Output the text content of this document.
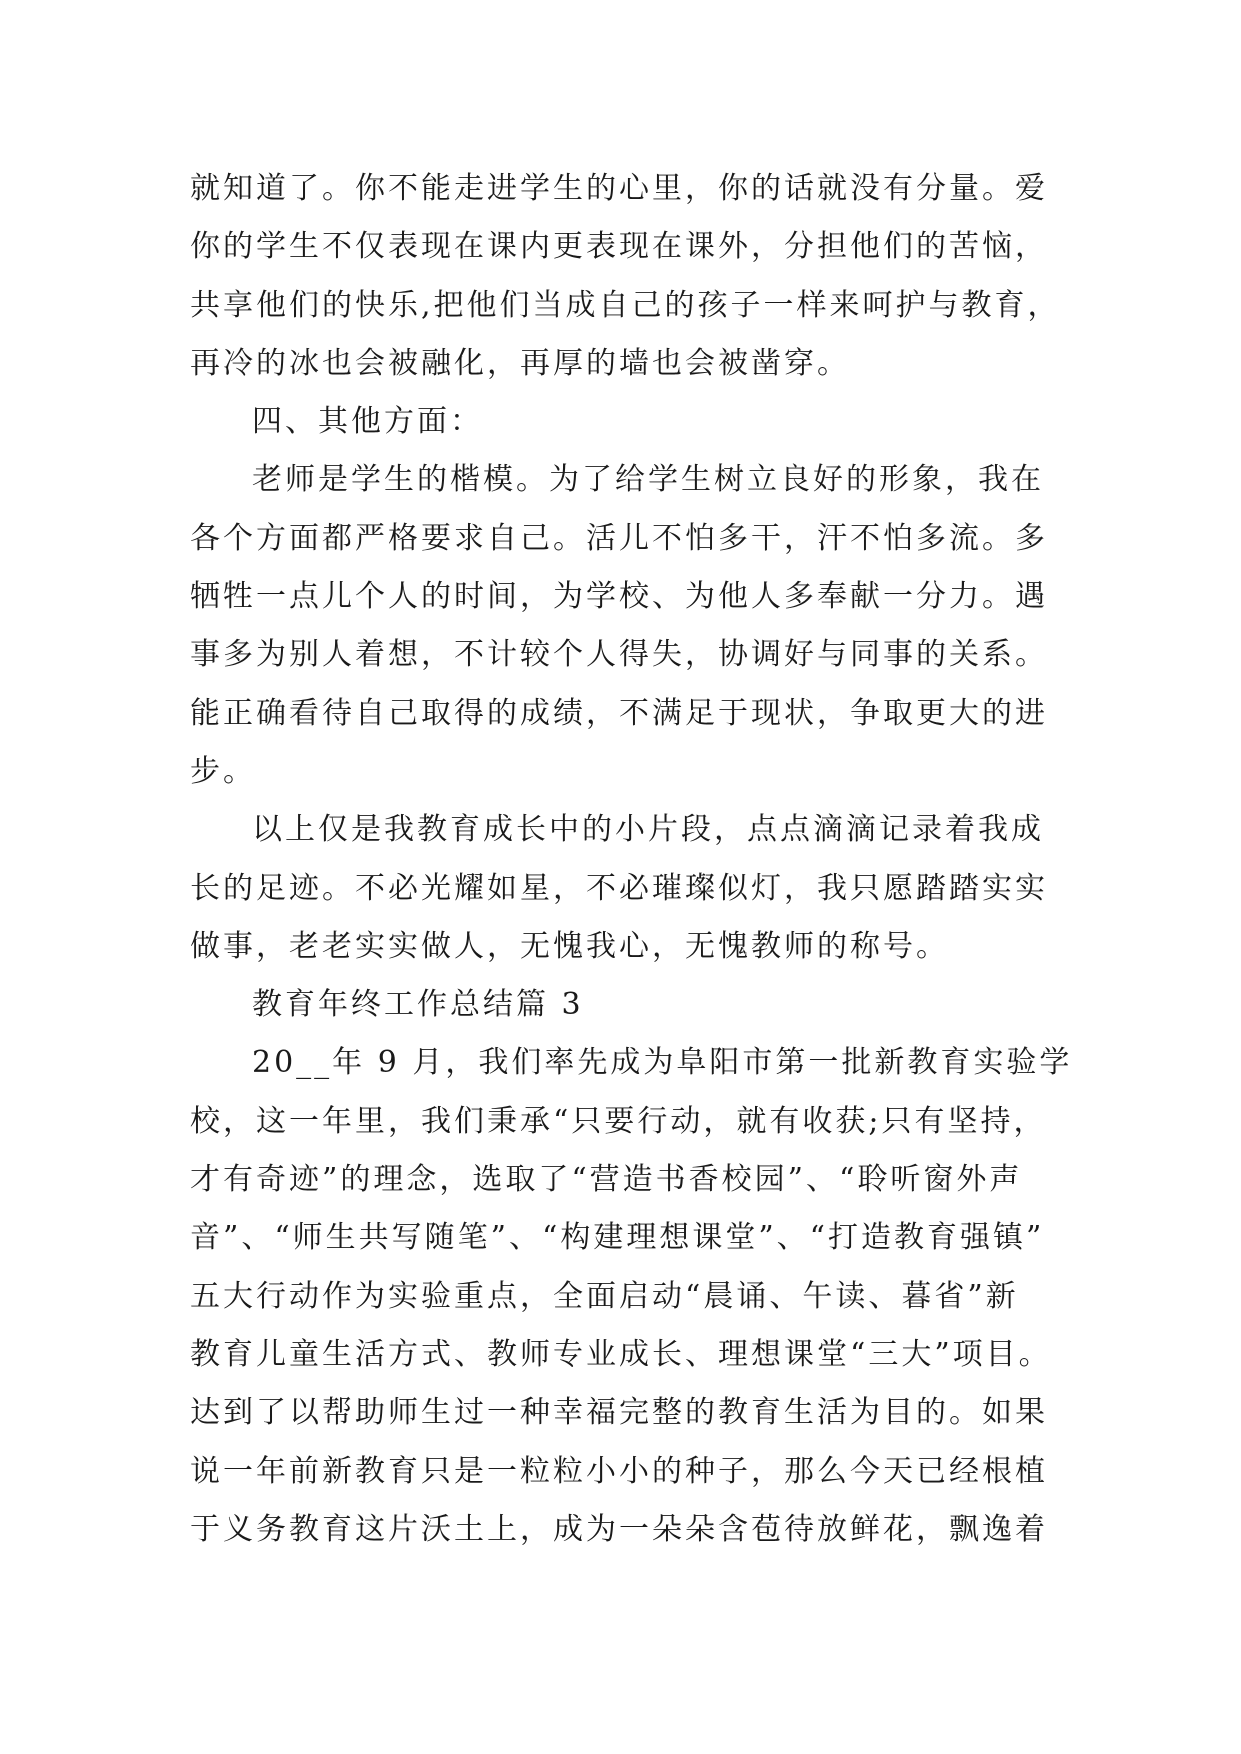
就知道了。你不能走进学生的心里，你的话就没有分量。爱
你的学生不仅表现在课内更表现在课外，分担他们的苦恼，
共享他们的快乐,把他们当成自己的孩子一样来呵护与教育，
再冷的冰也会被融化，再厚的墙也会被凿穿。
四、其他方面：
老师是学生的楷模。为了给学生树立良好的形象，我在
各个方面都严格要求自己。活儿不怕多干，汗不怕多流。多
牺牲一点儿个人的时间，为学校、为他人多奉献一分力。遇
事多为别人着想，不计较个人得失，协调好与同事的关系。
能正确看待自己取得的成绩，不满足于现状，争取更大的进
步。
以上仅是我教育成长中的小片段，点点滴滴记录着我成
长的足迹。不必光耀如星，不必璀璨似灯，我只愿踏踏实实
做事，老老实实做人，无愧我心，无愧教师的称号。
教育年终工作总结篇 3
20__年 9 月，我们率先成为阜阳市第一批新教育实验学
校，这一年里，我们秉承“只要行动，就有收获;只有坚持，
才有奇迹”的理念，选取了“营造书香校园”、“聆听窗外声
音”、“师生共写随笔”、“构建理想课堂”、“打造教育强镇”
五大行动作为实验重点，全面启动“晨诵、午读、暮省”新
教育儿童生活方式、教师专业成长、理想课堂“三大”项目。
达到了以帮助师生过一种幸福完整的教育生活为目的。如果
说一年前新教育只是一粒粒小小的种子，那么今天已经根植
于义务教育这片沃土上，成为一朵朵含苞待放鲜花，飘逸着
